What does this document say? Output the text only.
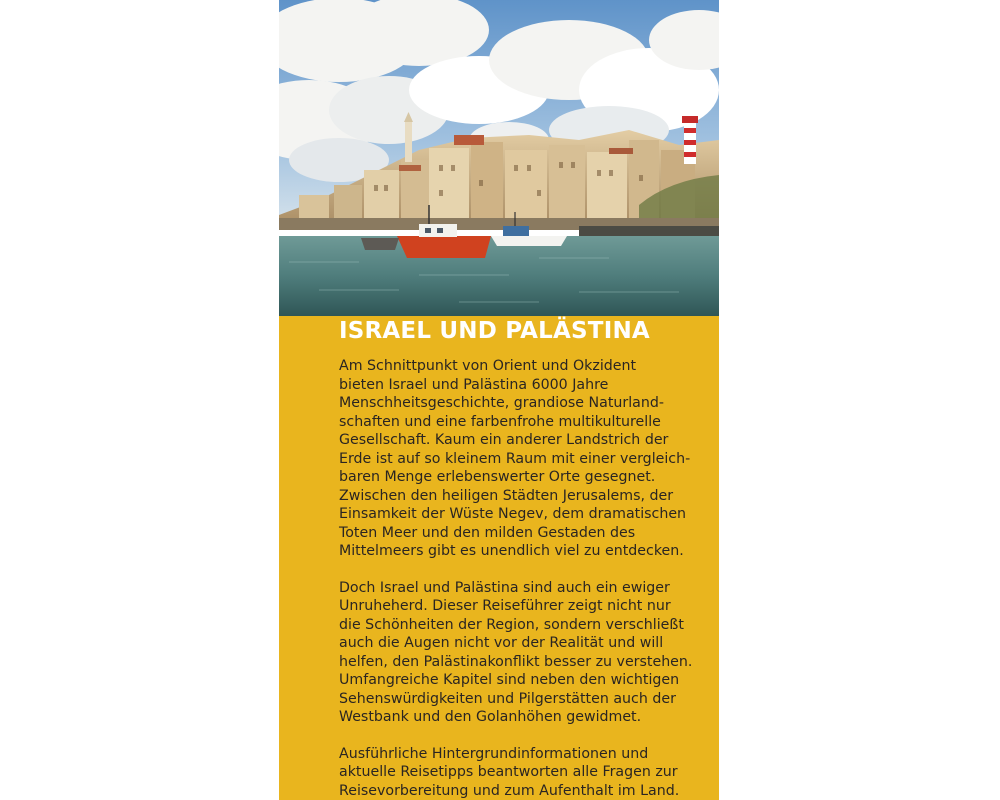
ISRAEL UND PALÄSTINA

Am Schnittpunkt von Orient und Okzident
bieten Israel und Palästina 6000 Jahre
Menschheitsgeschichte, grandiose Naturland-
schaften und eine farbenfrohe multikulturelle
Gesellschaft. Kaum ein anderer Landstrich der
Erde ist auf so kleinem Raum mit einer vergleich-
baren Menge erlebenswerter Orte gesegnet.
Zwischen den heiligen Städten Jerusalems, der
Einsamkeit der Wüste Negev, dem dramatischen
Toten Meer und den milden Gestaden des
Mittelmeers gibt es unendlich viel zu entdecken.

Doch Israel und Palästina sind auch ein ewiger
Unruheherd. Dieser Reiseführer zeigt nicht nur
die Schönheiten der Region, sondern verschließt
auch die Augen nicht vor der Realität und will
helfen, den Palästinakonflikt besser zu verstehen.
Umfangreiche Kapitel sind neben den wichtigen
Sehenswürdigkeiten und Pilgerstätten auch der
Westbank und den Golanhöhen gewidmet.

Ausführliche Hintergrundinformationen und
aktuelle Reisetipps beantworten alle Fragen zur
Reisevorbereitung und zum Aufenthalt im Land.
